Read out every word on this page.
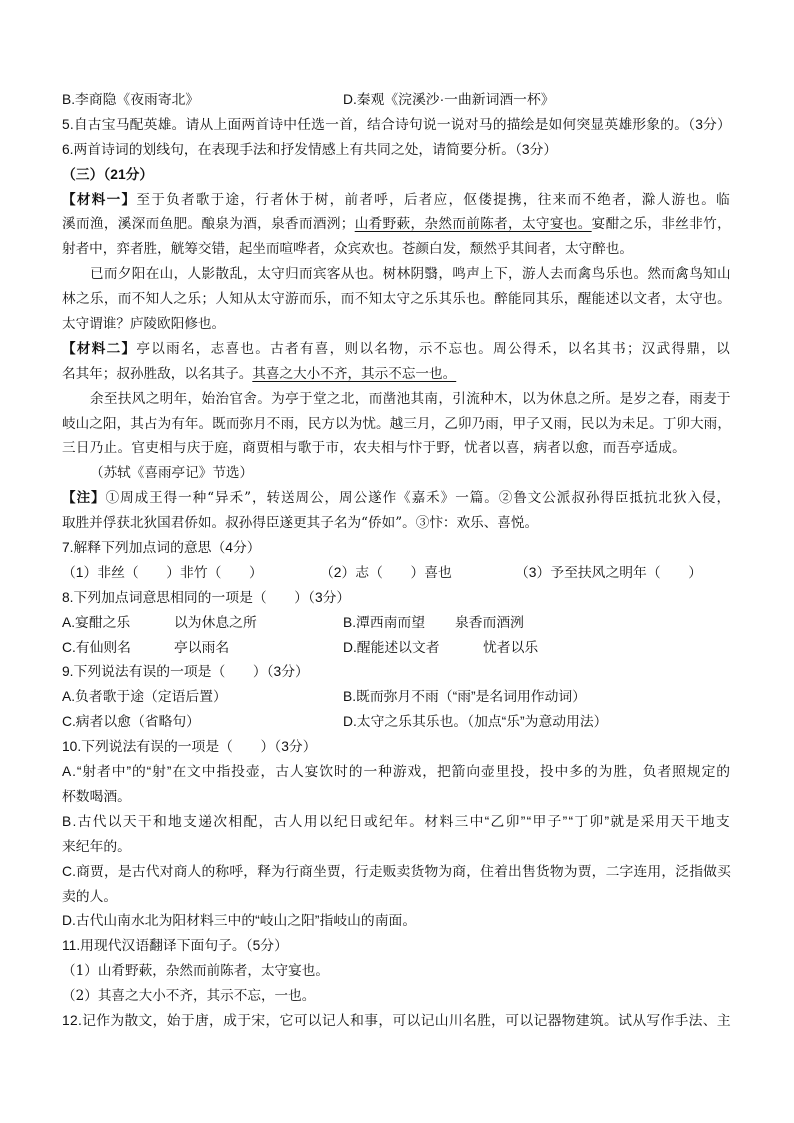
B.李商隐《夜雨寄北》	D.秦观《浣溪沙·一曲新词酒一杯》
5.自古宝马配英雄。请从上面两首诗中任选一首，结合诗句说一说对马的描绘是如何突显英雄形象的。（3分）
6.两首诗词的划线句，在表现手法和抒发情感上有共同之处，请简要分析。（3分）
（三）（21分）
【材料一】至于负者歌于途，行者休于树，前者呼，后者应，伛偻提携，往来而不绝者，滁人游也。临
溪而渔，溪深而鱼肥。酿泉为酒，泉香而酒洌；山肴野蔌，杂然而前陈者，太守宴也。宴酣之乐，非丝非竹，
射者中，弈者胜，觥筹交错，起坐而喧哗者，众宾欢也。苍颜白发，颓然乎其间者，太守醉也。
已而夕阳在山，人影散乱，太守归而宾客从也。树林阴翳，鸣声上下，游人去而禽鸟乐也。然而禽鸟知山
林之乐，而不知人之乐；人知从太守游而乐，而不知太守之乐其乐也。醉能同其乐，醒能述以文者，太守也。
太守谓谁？庐陵欧阳修也。
【材料二】亭以雨名，志喜也。古者有喜，则以名物，示不忘也。周公得禾，以名其书；汉武得鼎，以
名其年；叔孙胜敌，以名其子。其喜之大小不齐，其示不忘一也。
余至扶风之明年，始治官舍。为亭于堂之北，而凿池其南，引流种木，以为休息之所。是岁之春，雨麦于
岐山之阳，其占为有年。既而弥月不雨，民方以为忧。越三月，乙卯乃雨，甲子又雨，民以为未足。丁卯大雨，
三日乃止。官吏相与庆于庭，商贾相与歌于市，农夫相与忭于野，忧者以喜，病者以愈，而吾亭适成。
（苏轼《喜雨亭记》节选）
【注】①周成王得一种“异禾”，转送周公，周公遂作《嘉禾》一篇。②鲁文公派叔孙得臣抵抗北狄入侵，
取胜并俘获北狄国君侨如。叔孙得臣遂更其子名为“侨如”。③忭：欢乐、喜悦。
7.解释下列加点词的意思（4分）
（1）非丝（　　）非竹（　　）	（2）志（　　）喜也	（3）予至扶风之明年（　　）
8.下列加点词意思相同的一项是（　　）（3分）
A.宴酣之乐	以为休息之所	B.潭西南而望 泉香而酒洌
C.有仙则名	亭以雨名	D.醒能述以文者	忧者以乐
9.下列说法有误的一项是（　　）（3分）
A.负者歌于途（定语后置）	B.既而弥月不雨（“雨”是名词用作动词）
C.病者以愈（省略句）	D.太守之乐其乐也。（加点“乐”为意动用法）
10.下列说法有误的一项是（　　）（3分）
A.“射者中”的“射”在文中指投壶，古人宴饮时的一种游戏，把箭向壶里投，投中多的为胜，负者照规定的
杯数喝酒。
B.古代以天干和地支递次相配，古人用以纪日或纪年。材料三中“乙卯”“甲子”“丁卯”就是采用天干地支
来纪年的。
C.商贾，是古代对商人的称呼，释为行商坐贾，行走贩卖货物为商，住着出售货物为贾，二字连用，泛指做买
卖的人。
D.古代山南水北为阳材料三中的“岐山之阳”指岐山的南面。
11.用现代汉语翻译下面句子。（5分）
（1）山肴野蔌，杂然而前陈者，太守宴也。
（2）其喜之大小不齐，其示不忘，一也。
12.记作为散文，始于唐，成于宋，它可以记人和事，可以记山川名胜，可以记器物建筑。试从写作手法、主
